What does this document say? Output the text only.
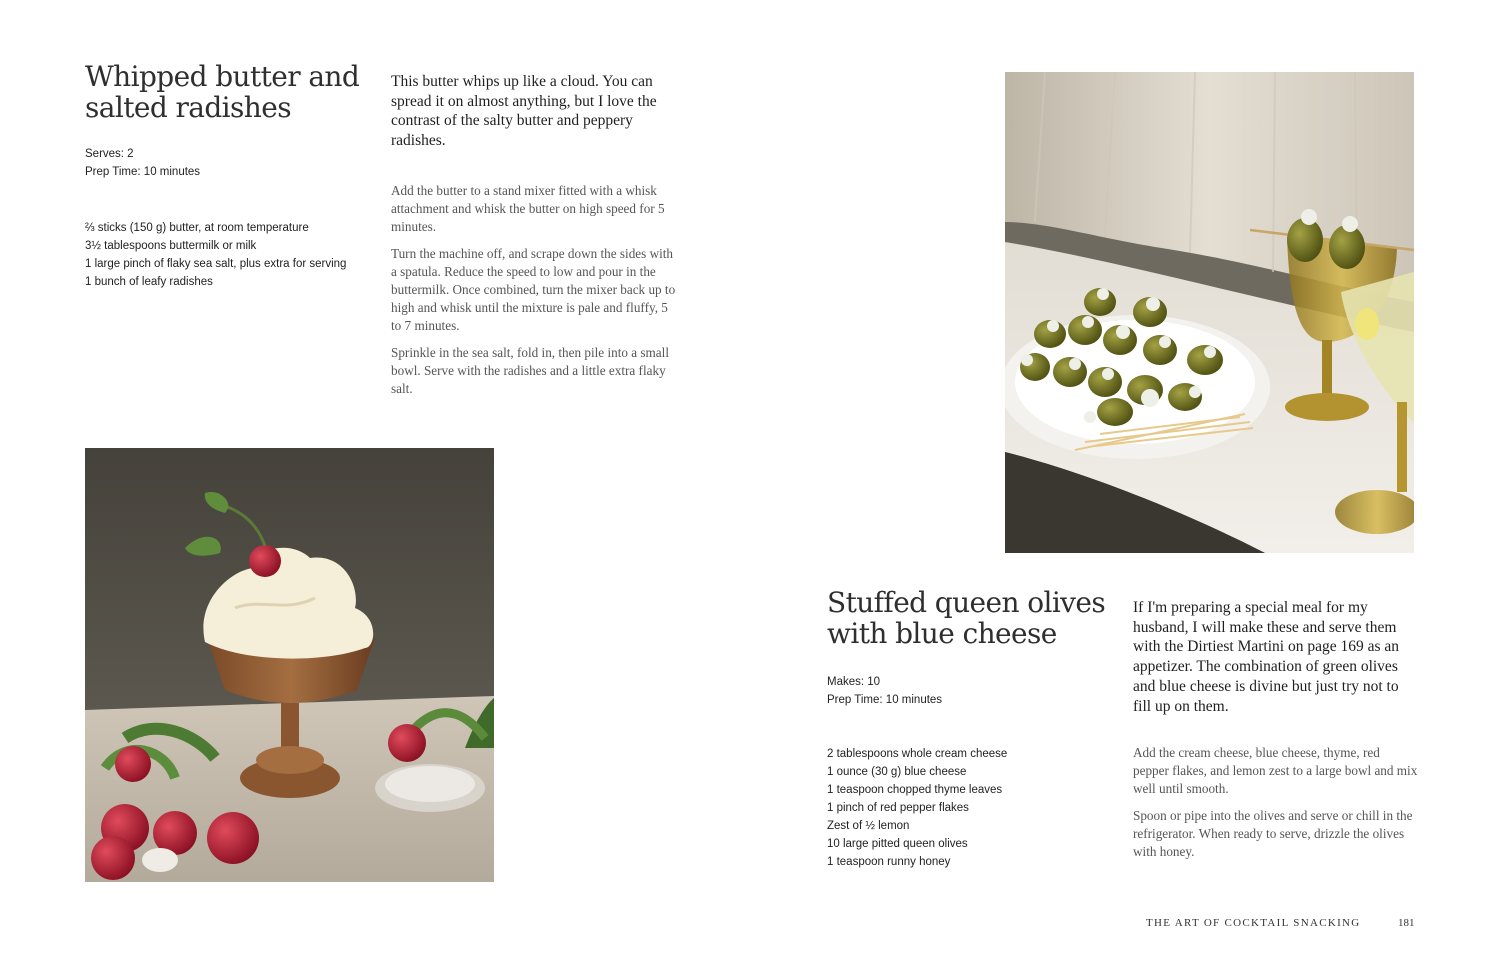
Whipped butter and
salted radishes
Serves: 2
Prep Time: 10 minutes
⅔ sticks (150 g) butter, at room temperature
3½ tablespoons buttermilk or milk
1 large pinch of flaky sea salt, plus extra for serving
1 bunch of leafy radishes
This butter whips up like a cloud. You can spread it on almost anything, but I love the contrast of the salty butter and peppery radishes.

Add the butter to a stand mixer fitted with a whisk attachment and whisk the butter on high speed for 5 minutes.

Turn the machine off, and scrape down the sides with a spatula. Reduce the speed to low and pour in the buttermilk. Once combined, turn the mixer back up to high and whisk until the mixture is pale and fluffy, 5 to 7 minutes.

Sprinkle in the sea salt, fold in, then pile into a small bowl. Serve with the radishes and a little extra flaky salt.

Stuffed queen olives
with blue cheese
Makes: 10
Prep Time: 10 minutes
2 tablespoons whole cream cheese
1 ounce (30 g) blue cheese
1 teaspoon chopped thyme leaves
1 pinch of red pepper flakes
Zest of ½ lemon
10 large pitted queen olives
1 teaspoon runny honey
If I'm preparing a special meal for my husband, I will make these and serve them with the Dirtiest Martini on page 169 as an appetizer. The combination of green olives and blue cheese is divine but just try not to fill up on them.

Add the cream cheese, blue cheese, thyme, red pepper flakes, and lemon zest to a large bowl and mix well until smooth.

Spoon or pipe into the olives and serve or chill in the refrigerator. When ready to serve, drizzle the olives with honey.

THE ART OF COCKTAIL SNACKING	181
